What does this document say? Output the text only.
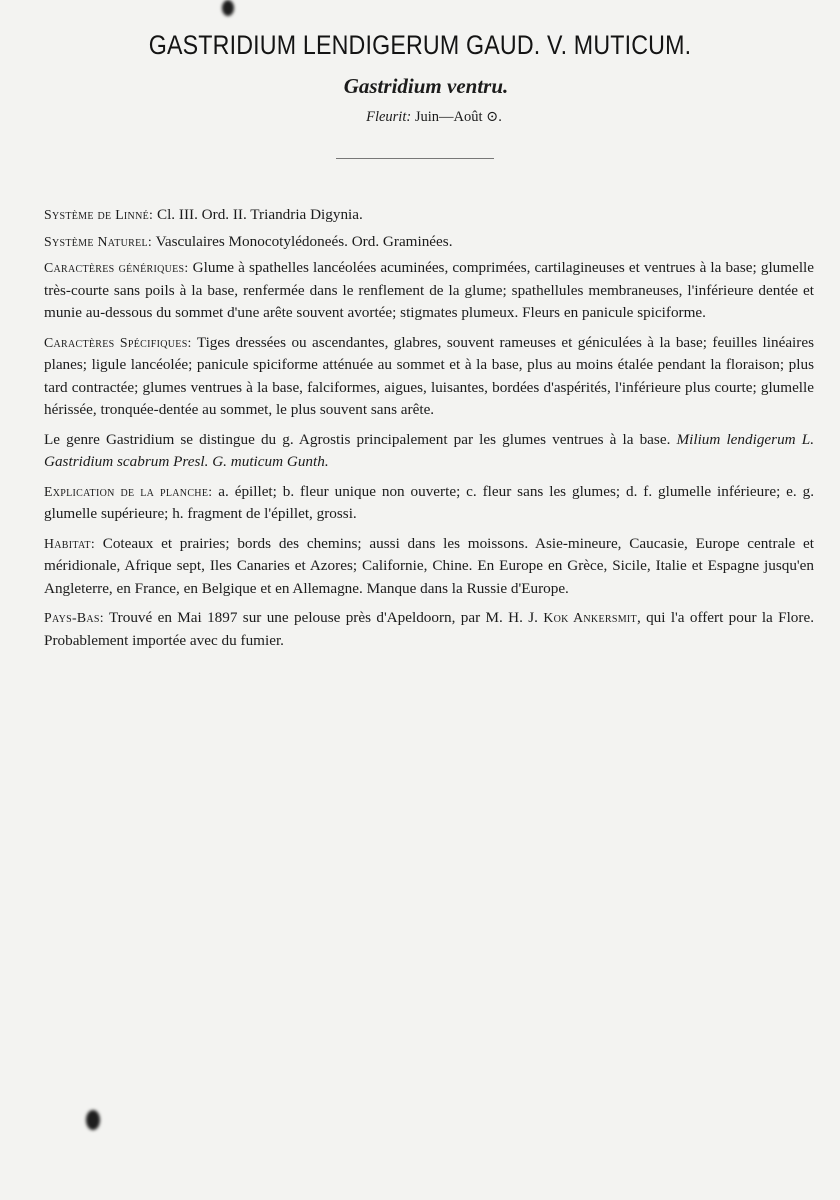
GASTRIDIUM LENDIGERUM GAUD. V. MUTICUM.
Gastridium ventru.
Fleurit: Juin—Août ⊙.

Système de Linné: Cl. III. Ord. II. Triandria Digynia.

Système Naturel: Vasculaires Monocotylédoneés. Ord. Graminées.

Caractères génériques: Glume à spathelles lancéolées acuminées, comprimées, cartilagineuses et ventrues à la base; glumelle très-courte sans poils à la base, renfermée dans le renflement de la glume; spathellules membraneuses, l'inférieure dentée et munie au-dessous du sommet d'une arête souvent avortée; stigmates plumeux. Fleurs en panicule spiciforme.

Caractères Spécifiques: Tiges dressées ou ascendantes, glabres, souvent rameuses et géniculées à la base; feuilles linéaires planes; ligule lancéolée; panicule spiciforme atténuée au sommet et à la base, plus au moins étalée pendant la floraison; plus tard contractée; glumes ventrues à la base, falciformes, aigues, luisantes, bordées d'aspérités, l'inférieure plus courte; glumelle hérissée, tronquée-dentée au sommet, le plus souvent sans arête.

Le genre Gastridium se distingue du g. Agrostis principalement par les glumes ventrues à la base. Milium lendigerum L. Gastridium scabrum Presl. G. muticum Gunth.

Explication de la planche: a. épillet; b. fleur unique non ouverte; c. fleur sans les glumes; d. f. glumelle inférieure; e. g. glumelle supérieure; h. fragment de l'épillet, grossi.

Habitat: Coteaux et prairies; bords des chemins; aussi dans les moissons. Asie-mineure, Caucasie, Europe centrale et méridionale, Afrique sept, Iles Canaries et Azores; Californie, Chine. En Europe en Grèce, Sicile, Italie et Espagne jusqu'en Angleterre, en France, en Belgique et en Allemagne. Manque dans la Russie d'Europe.

Pays-Bas: Trouvé en Mai 1897 sur une pelouse près d'Apeldoorn, par M. H. J. Kok Ankersmit, qui l'a offert pour la Flore. Probablement importée avec du fumier.
